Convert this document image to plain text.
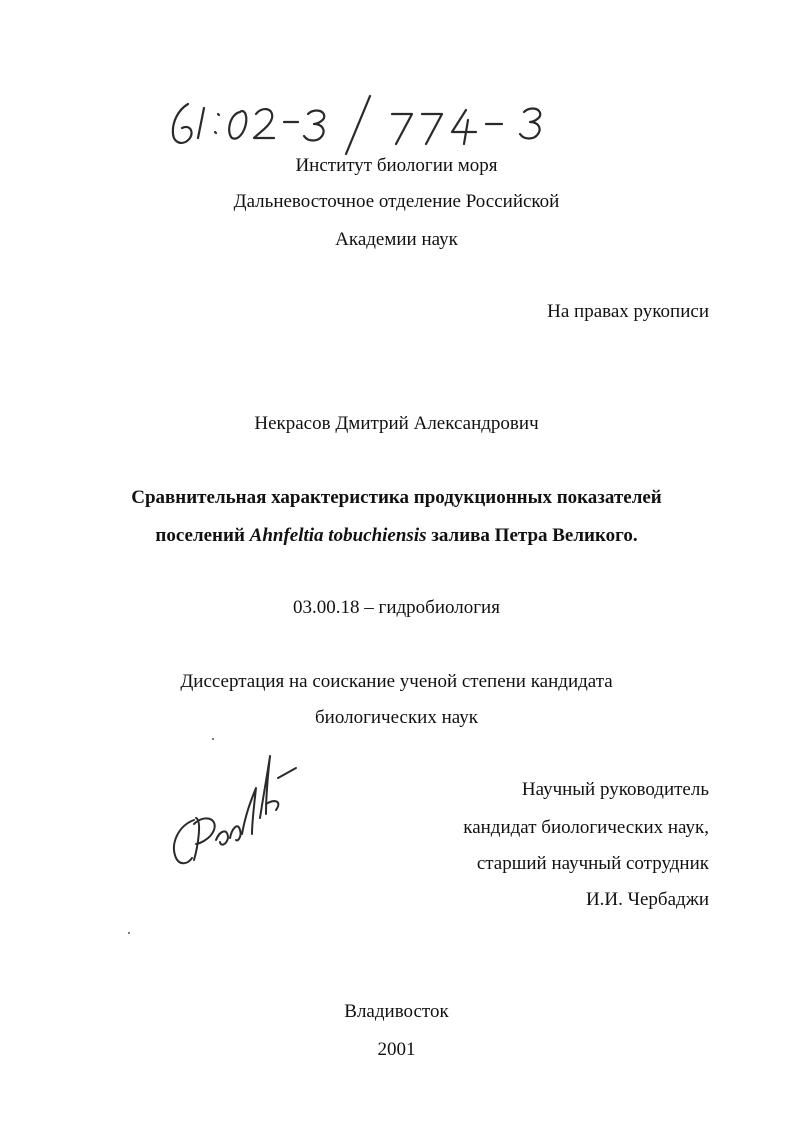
Институт биологии моря
Дальневосточное отделение Российской
Академии наук
На правах рукописи
Некрасов Дмитрий Александрович
Сравнительная характеристика продукционных показателей
поселений Ahnfeltia tobuchiensis залива Петра Великого.
03.00.18 – гидробиология
Диссертация на соискание ученой степени кандидата
биологических наук
Научный руководитель
кандидат биологических наук,
старший научный сотрудник
И.И. Чербаджи
Владивосток
2001
